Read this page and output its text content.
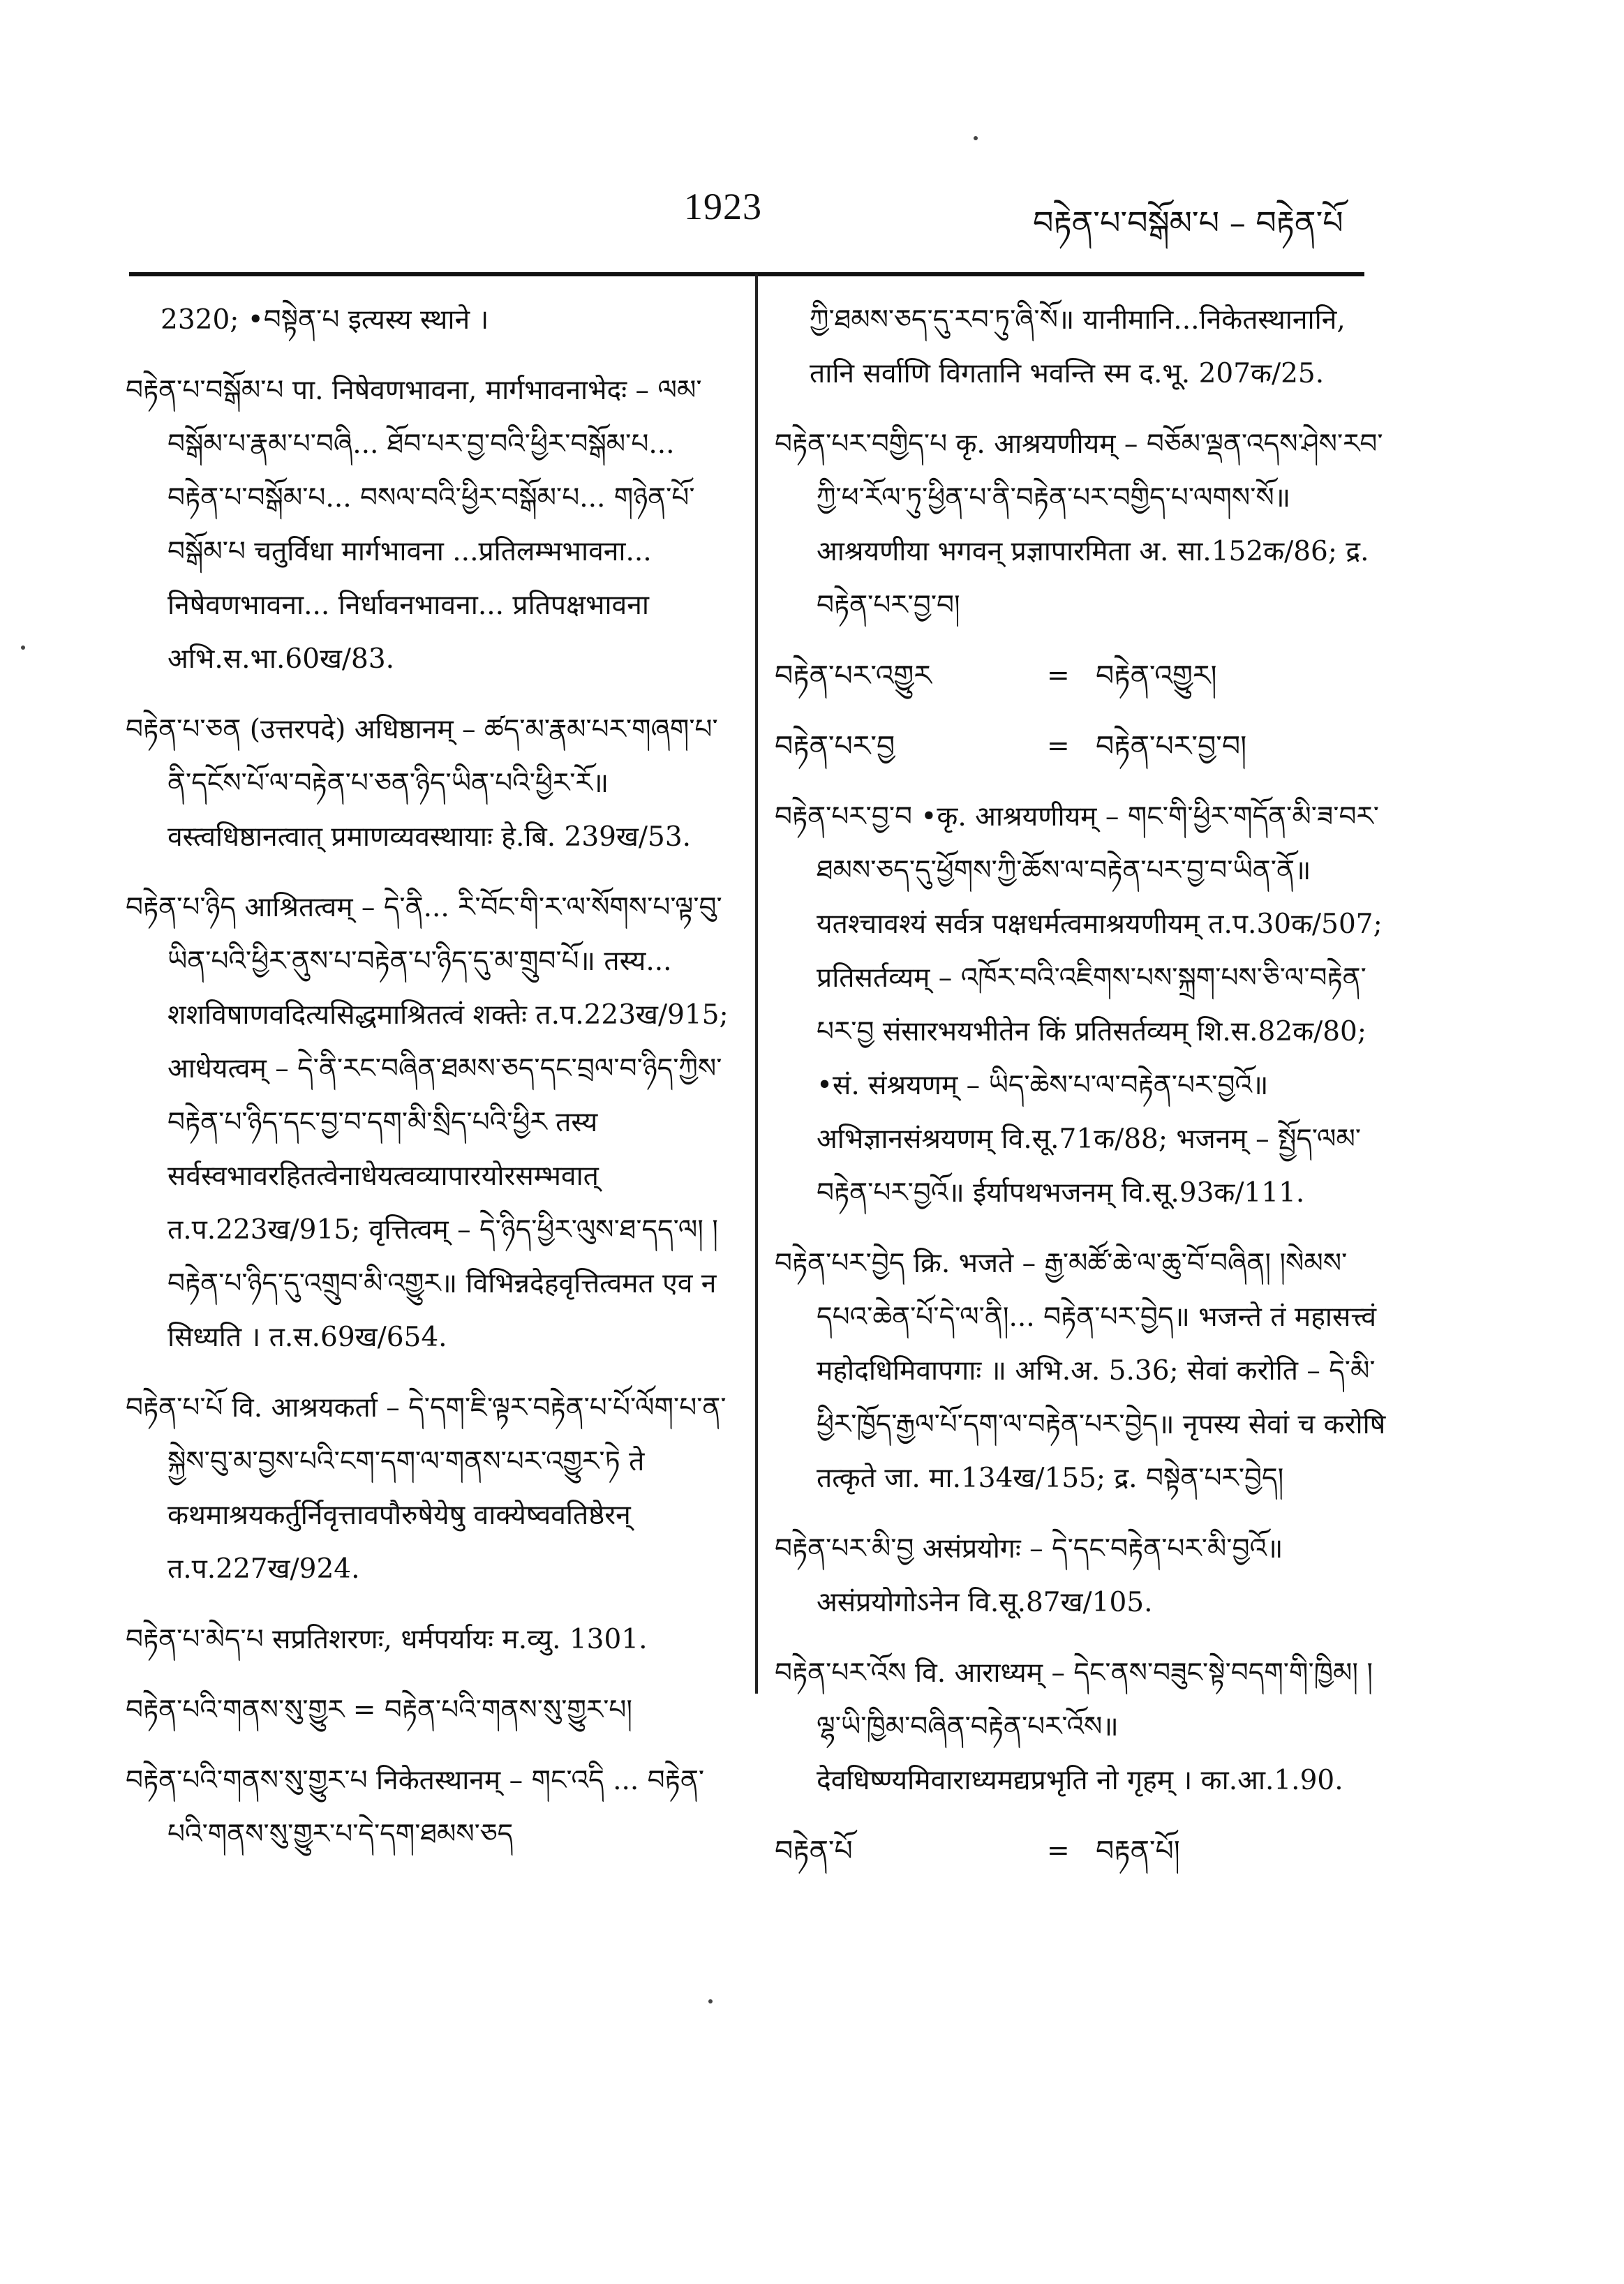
1923	བརྟེན་པ་བསྒོམ་པ – བརྟེན་པོ
2320; •བསྟེན་པ इत्यस्य स्थाने ।
བརྟེན་པ་བསྒོམ་པ पा. निषेवणभावना, मार्गभावनाभेदः – ལམ་བསྒོམ་པ་རྣམ་པ་བཞི... ཐོབ་པར་བྱ་བའི་ཕྱིར་བསྒོམ་པ... བརྟེན་པ་བསྒོམ་པ... བསལ་བའི་ཕྱིར་བསྒོམ་པ... གཉེན་པོ་བསྒོམ་པ चतुर्विधा मार्गभावना ...प्रतिलम्भभावना... निषेवणभावना... निर्धावनभावना... प्रतिपक्षभावना अभि.स.भा.60ख/83.
བརྟེན་པ་ཅན (उत्तरपदे) अधिष्ठानम् – ཚད་མ་རྣམ་པར་གཞག་པ་ནི་དངོས་པོ་ལ་བརྟེན་པ་ཅན་ཉིད་ཡིན་པའི་ཕྱིར་རོ॥ वस्त्वधिष्ठानत्वात् प्रमाणव्यवस्थायाः हे.बि. 239ख/53.
བརྟེན་པ་ཉིད आश्रितत्वम् – དེ་ནི... རི་བོང་གི་ར་ལ་སོགས་པ་ལྟ་བུ་ཡིན་པའི་ཕྱིར་ནུས་པ་བརྟེན་པ་ཉིད་དུ་མ་གྲུབ་པོ॥ तस्य... शशविषाणवदित्यसिद्धमाश्रितत्वं शक्तेः त.प.223ख/915; आधेयत्वम् – དེ་ནི་རང་བཞིན་ཐམས་ཅད་དང་བྲལ་བ་ཉིད་ཀྱིས་བརྟེན་པ་ཉིད་དང་བྱ་བ་དག་མི་སྲིད་པའི་ཕྱིར तस्य सर्वस्वभावरहितत्वेनाधेयत्वव्यापारयोरसम्भवात् त.प.223ख/915; वृत्तित्वम् – དེ་ཉིད་ཕྱིར་ལུས་ཐ་དད་ལ། །བརྟེན་པ་ཉིད་དུ་འགྲུབ་མི་འགྱུར॥ विभिन्नदेहवृत्तित्वमत एव न सिध्यति । त.स.69ख/654.
བརྟེན་པ་པོ वि. आश्रयकर्ता – དེ་དག་ཇི་ལྟར་བརྟེན་པ་པོ་ལོག་པ་ན་སྐྱེས་བུ་མ་བྱས་པའི་ངག་དག་ལ་གནས་པར་འགྱུར་ཏེ ते कथमाश्रयकर्तुर्निवृत्तावपौरुषेयेषु वाक्येष्ववतिष्ठेरन् त.प.227ख/924.
བརྟེན་པ་མེད་པ सप्रतिशरणः, धर्मपर्यायः म.व्यु. 1301.
བརྟེན་པའི་གནས་སུ་གྱུར = བརྟེན་པའི་གནས་སུ་གྱུར་པ།
བརྟེན་པའི་གནས་སུ་གྱུར་པ निकेतस्थानम् – གང་འདི ... བརྟེན་པའི་གནས་སུ་གྱུར་པ་དེ་དག་ཐམས་ཅད
ཀྱི་ཐམས་ཅད་དུ་རབ་ཏུ་ཞི་སོ॥ यानीमानि...निकेतस्थानानि, तानि सर्वाणि विगतानि भवन्ति स्म द.भू. 207क/25.
བརྟེན་པར་བགྱིད་པ कृ. आश्रयणीयम् – བཅོམ་ལྡན་འདས་ཤེས་རབ་ཀྱི་ཕ་རོལ་ཏུ་ཕྱིན་པ་ནི་བརྟེན་པར་བགྱིད་པ་ལགས་སོ॥ आश्रयणीया भगवन् प्रज्ञापारमिता अ. सा.152क/86; द्र. བརྟེན་པར་བྱ་བ།
བརྟེན་པར་འགྱུར	= བརྟེན་འགྱུར།
བརྟེན་པར་བྱ	= བརྟེན་པར་བྱ་བ།
བརྟེན་པར་བྱ་བ •कृ. आश्रयणीयम् – གང་གི་ཕྱིར་གདོན་མི་ཟ་བར་ཐམས་ཅད་དུ་ཕྱོགས་ཀྱི་ཆོས་ལ་བརྟེན་པར་བྱ་བ་ཡིན་ནོ॥ यतश्चावश्यं सर्वत्र पक्षधर्मत्वमाश्रयणीयम् त.प.30क/507; प्रतिसर्तव्यम् – འཁོར་བའི་འཇིགས་པས་སྐྲག་པས་ཅི་ལ་བརྟེན་པར་བྱ संसारभयभीतेन किं प्रतिसर्तव्यम् शि.स.82क/80; •सं. संश्रयणम् – ཡིད་ཆེས་པ་ལ་བརྟེན་པར་བྱའོ॥ अभिज्ञानसंश्रयणम् वि.सू.71क/88; भजनम् – སྤྱོད་ལམ་བརྟེན་པར་བྱའོ॥ ईर्यापथभजनम् वि.सू.93क/111.
བརྟེན་པར་བྱེད क्रि. भजते – རྒྱ་མཚོ་ཆེ་ལ་ཆུ་བོ་བཞིན། །སེམས་དཔའ་ཆེན་པོ་དེ་ལ་ནི།... བརྟེན་པར་བྱེད॥ भजन्ते तं महासत्त्वं महोदधिमिवापगाः ॥ अभि.अ. 5.36; सेवां करोति – དེ་མི་ཕྱིར་ཁྱོད་རྒྱལ་པོ་དག་ལ་བརྟེན་པར་བྱེད॥ नृपस्य सेवां च करोषि तत्कृते जा. मा.134ख/155; द्र. བསྟེན་པར་བྱེད།
བརྟེན་པར་མི་བྱ असंप्रयोगः – དེ་དང་བརྟེན་པར་མི་བྱའོ॥ असंप्रयोगोऽनेन वि.सू.87ख/105.
བརྟེན་པར་འོས वि. आराध्यम् – དེང་ནས་བཟུང་སྟེ་བདག་གི་ཁྱིམ། །ལྷ་ཡི་ཁྱིམ་བཞིན་བརྟེན་པར་འོས॥ देवधिष्ण्यमिवाराध्यमद्यप्रभृति नो गृहम् । का.आ.1.90.
བརྟེན་པོ	= བརྟན་པོ།
